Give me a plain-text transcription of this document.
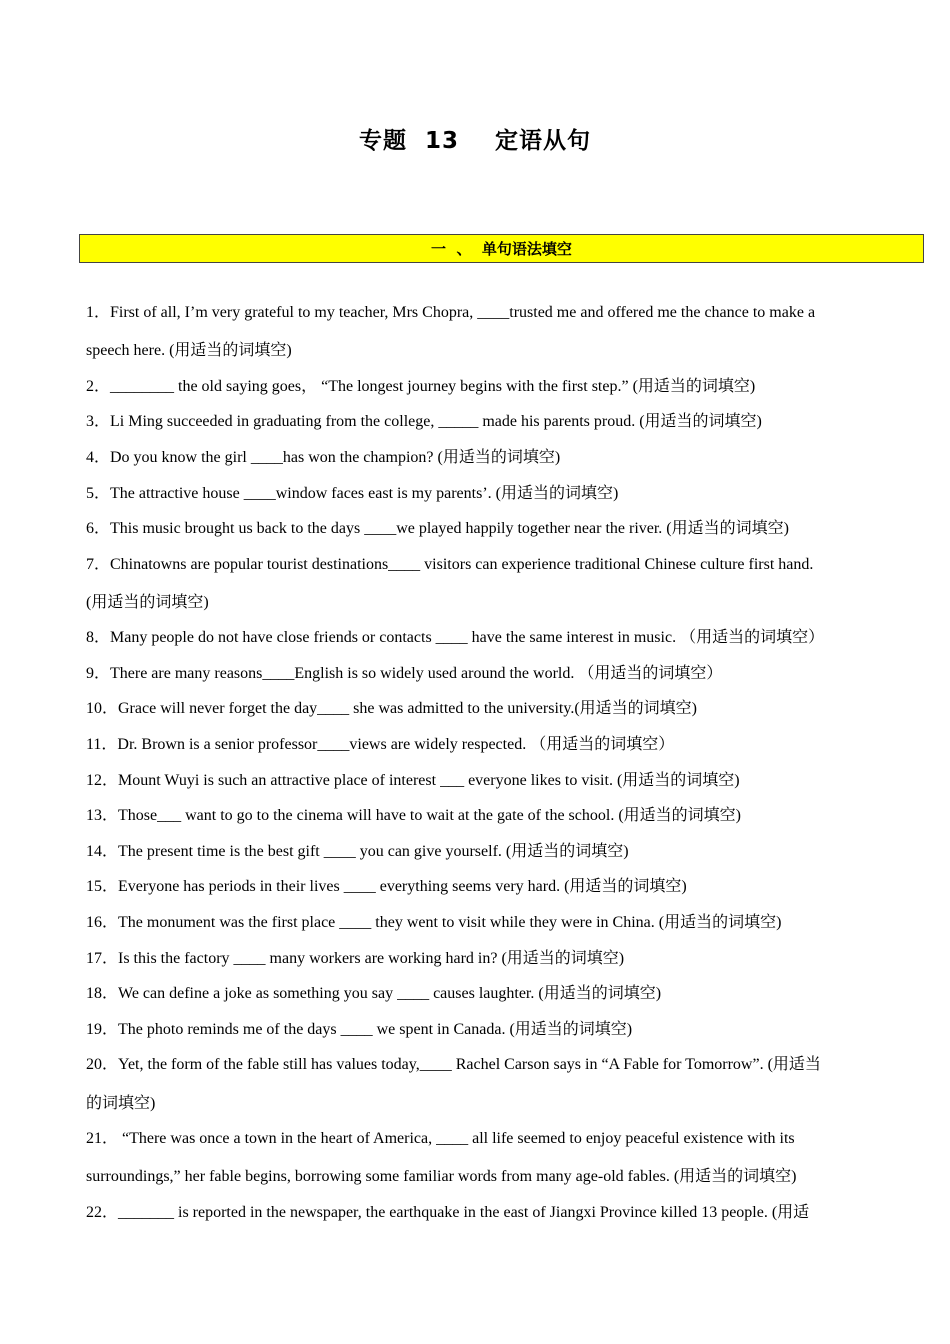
专题  13    定语从句
一  、  单句语法填空
1．First of all, I’m very grateful to my teacher, Mrs Chopra, ____trusted me and offered me the chance to make a
speech here. (用适当的词填空)
2．________ the old saying goes， “The longest journey begins with the first step.” (用适当的词填空)
3．Li Ming succeeded in graduating from the college, _____ made his parents proud. (用适当的词填空)
4．Do you know the girl ____has won the champion? (用适当的词填空)
5．The attractive house ____window faces east is my parents’. (用适当的词填空)
6．This music brought us back to the days ____we played happily together near the river. (用适当的词填空)
7．Chinatowns are popular tourist destinations____ visitors can experience traditional Chinese culture first hand.
(用适当的词填空)
8．Many people do not have close friends or contacts ____ have the same interest in music. （用适当的词填空）
9．There are many reasons____English is so widely used around the world. （用适当的词填空）
10．Grace will never forget the day____ she was admitted to the university.(用适当的词填空)
11．Dr. Brown is a senior professor____views are widely respected. （用适当的词填空）
12．Mount Wuyi is such an attractive place of interest ___ everyone likes to visit. (用适当的词填空)
13．Those___ want to go to the cinema will have to wait at the gate of the school. (用适当的词填空)
14．The present time is the best gift ____ you can give yourself. (用适当的词填空)
15．Everyone has periods in their lives ____ everything seems very hard. (用适当的词填空)
16．The monument was the first place ____ they went to visit while they were in China. (用适当的词填空)
17．Is this the factory ____ many workers are working hard in? (用适当的词填空)
18．We can define a joke as something you say ____ causes laughter. (用适当的词填空)
19．The photo reminds me of the days ____ we spent in Canada. (用适当的词填空)
20．Yet, the form of the fable still has values today,____ Rachel Carson says in “A Fable for Tomorrow”. (用适当
的词填空)
21． “There was once a town in the heart of America, ____ all life seemed to enjoy peaceful existence with its
surroundings,” her fable begins, borrowing some familiar words from many age-old fables. (用适当的词填空)
22．_______ is reported in the newspaper, the earthquake in the east of Jiangxi Province killed 13 people. (用适
